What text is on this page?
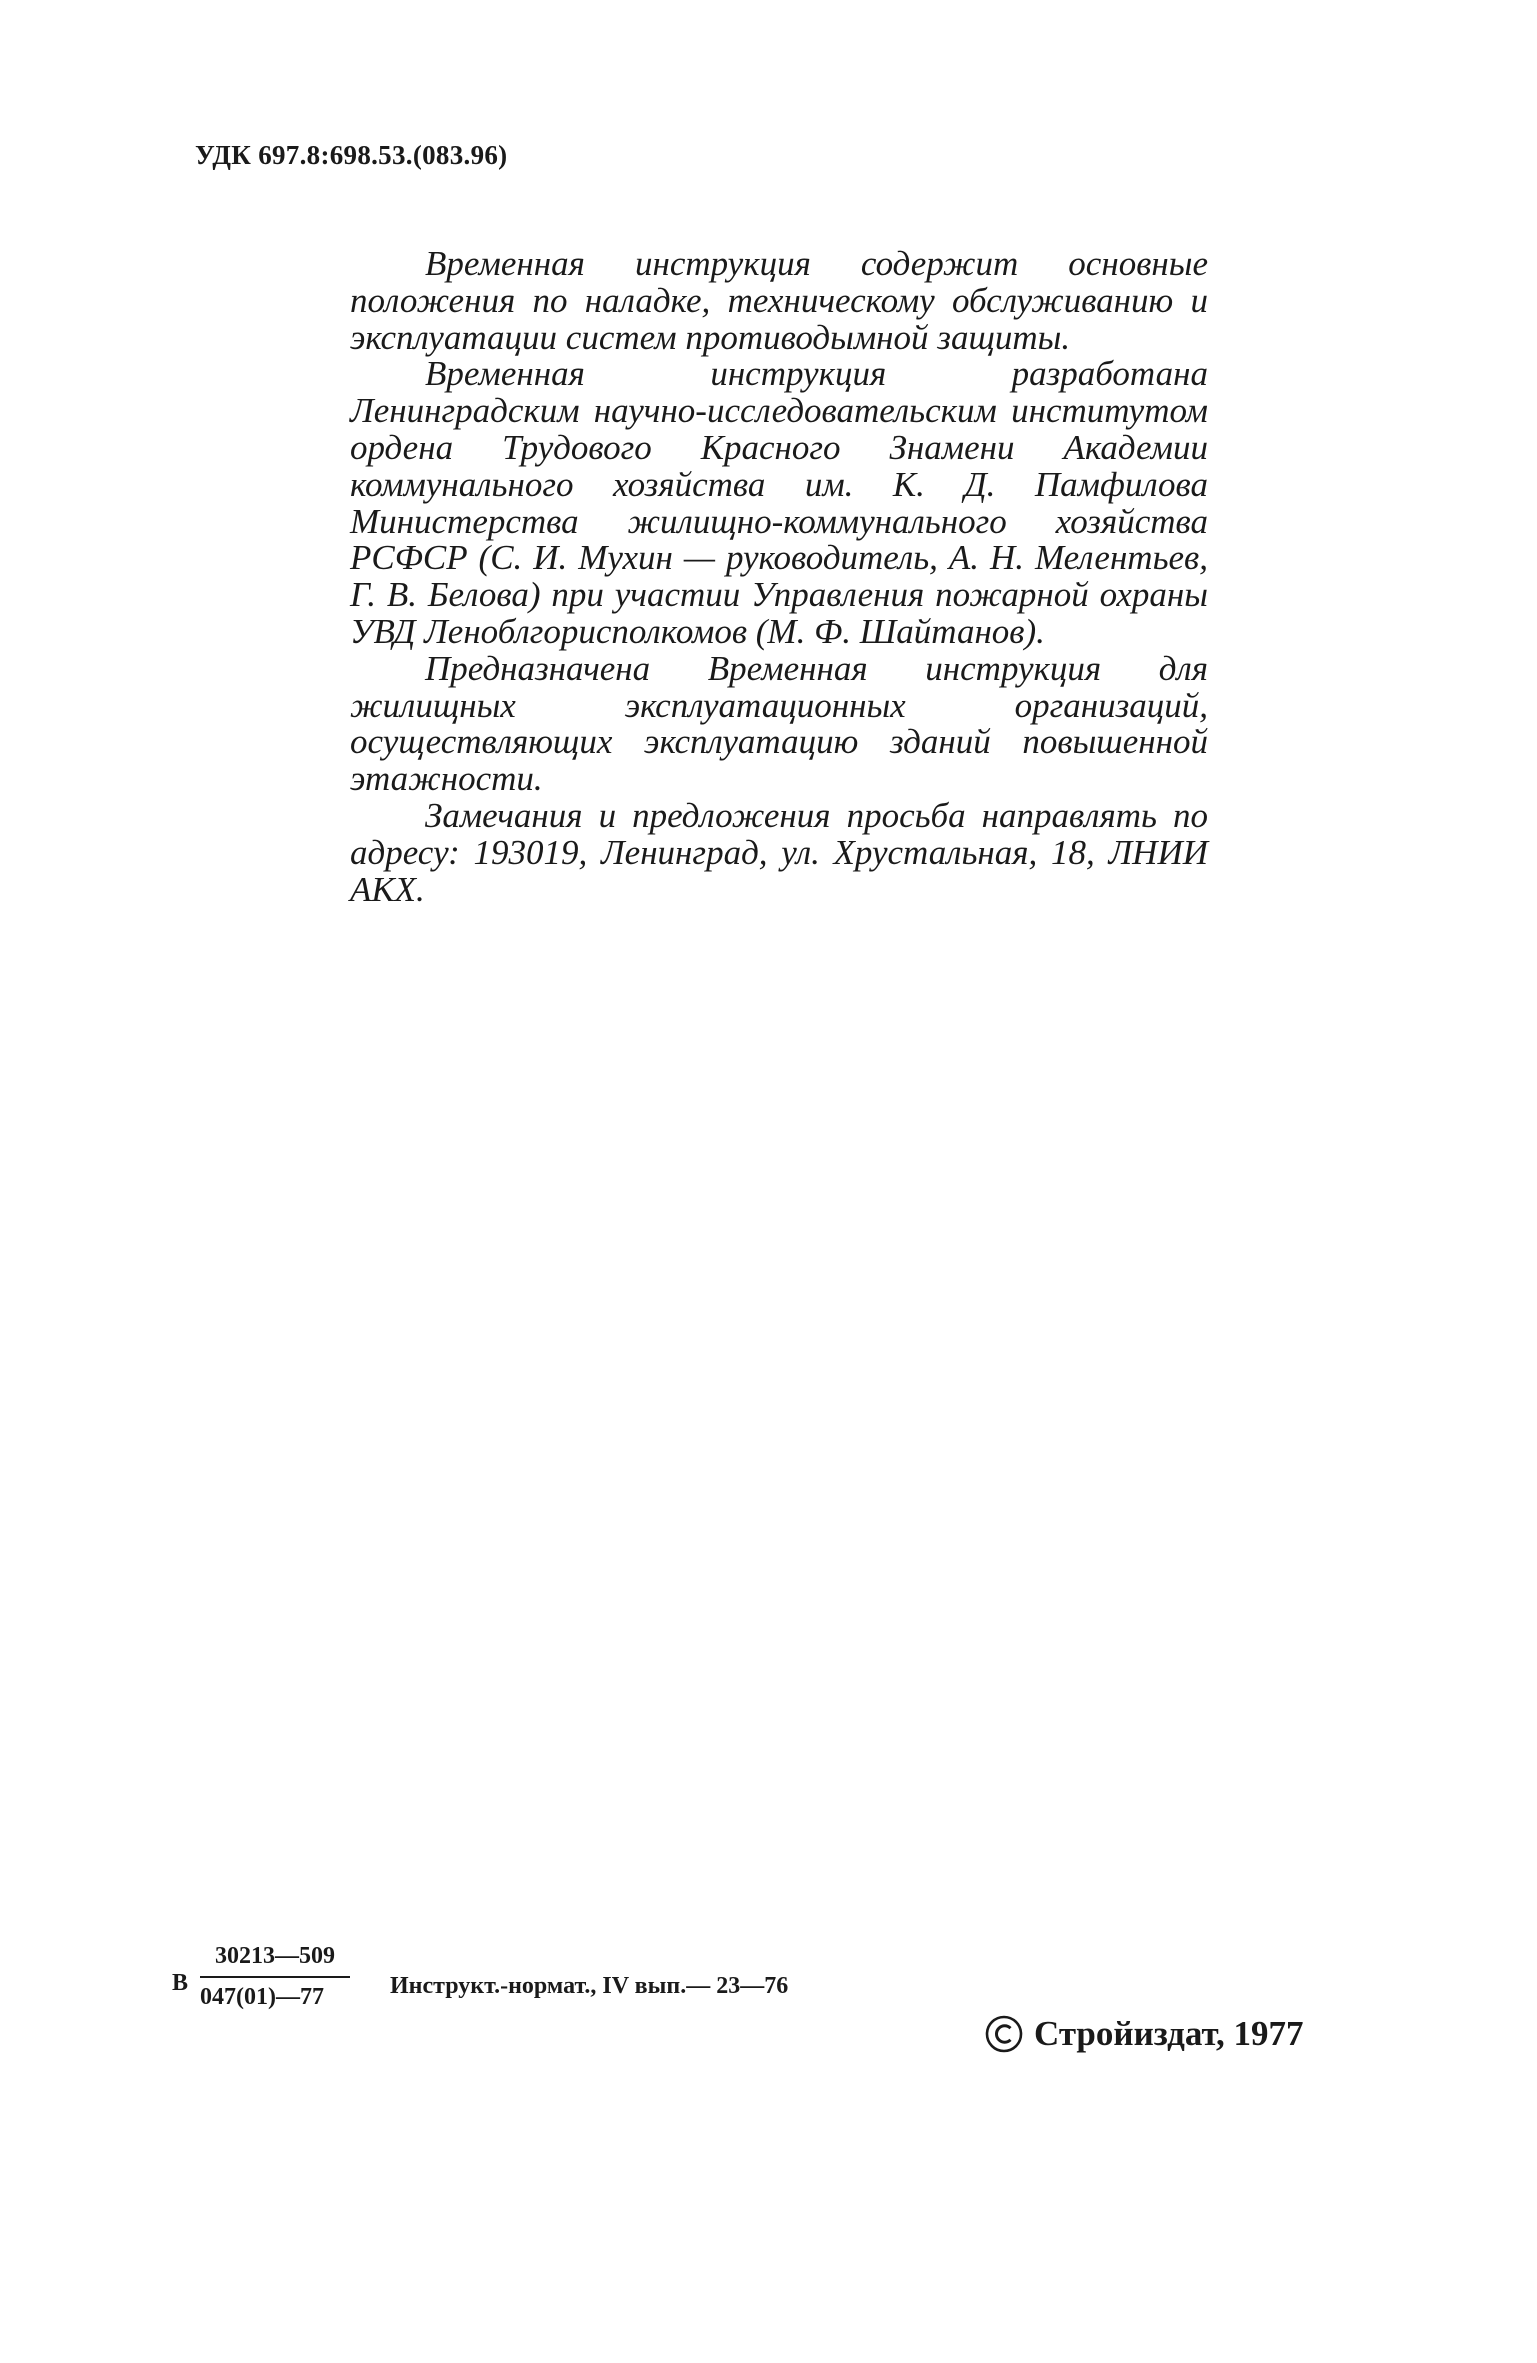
УДК 697.8:698.53.(083.96)

Временная инструкция содержит основные положения по наладке, техническому обслуживанию и эксплуатации систем противодымной защиты.

Временная инструкция разработана Ленинградским научно-исследовательским институтом ордена Трудового Красного Знамени Академии коммунального хозяйства им. К. Д. Памфилова Министерства жилищно-коммунального хозяйства РСФСР (С. И. Мухин — руководитель, А. Н. Мелентьев, Г. В. Белова) при участии Управления пожарной охраны УВД Леноблгорисполкомов (М. Ф. Шайтанов).

Предназначена Временная инструкция для жилищных эксплуатационных организаций, осуществляющих эксплуатацию зданий повышенной этажности.

Замечания и предложения просьба направлять по адресу: 193019, Ленинград, ул. Хрустальная, 18, ЛНИИ АКХ.

В $\frac{30213—509}{047(01)—77}$ Инструкт.-нормат., IV вып.— 23—76
Стройиздат, 1977
